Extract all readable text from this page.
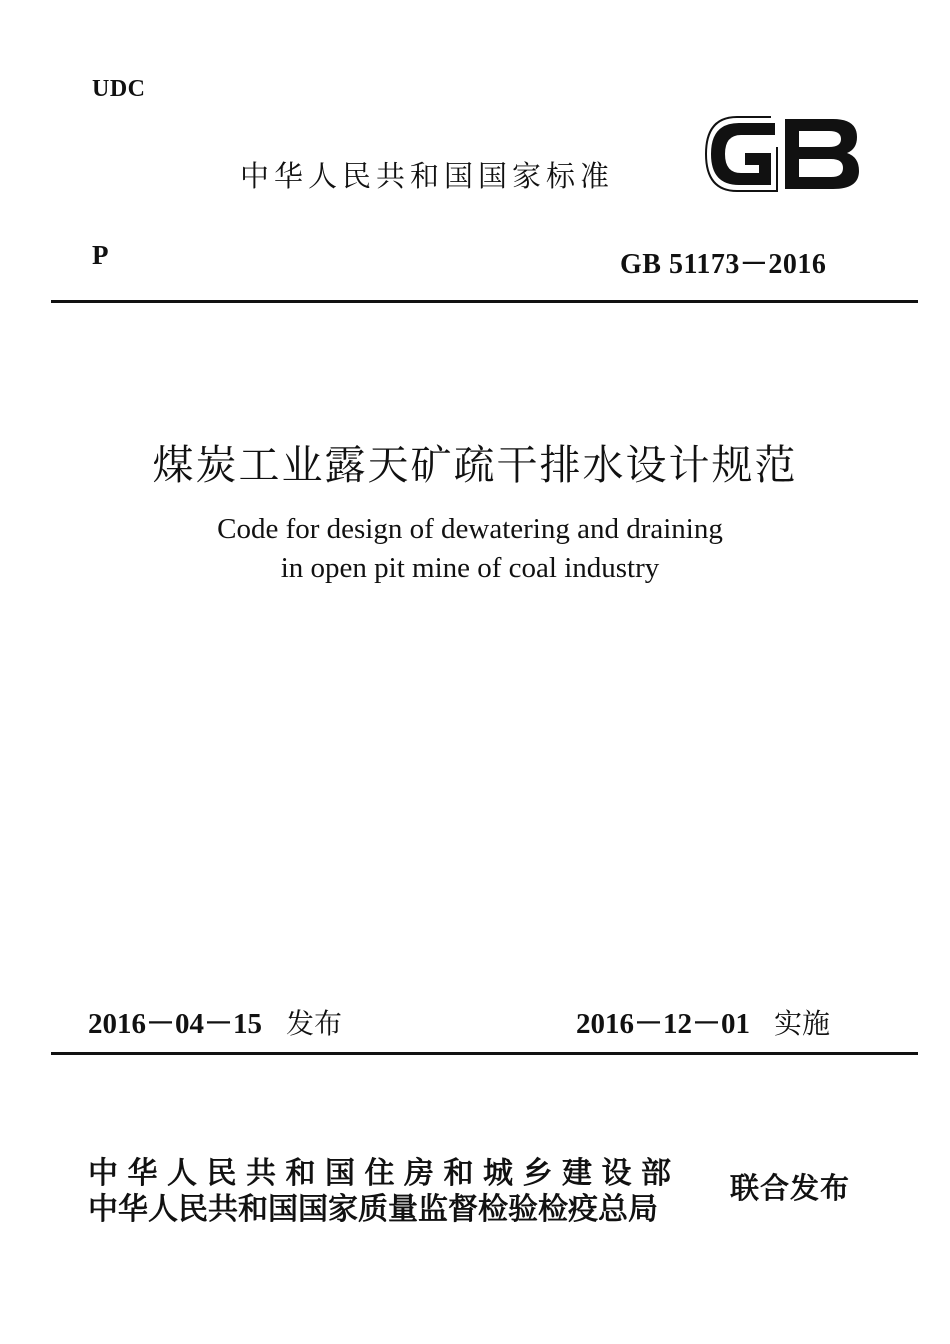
UDC
中华人民共和国国家标准
P	GB 51173－2016
煤炭工业露天矿疏干排水设计规范
Code for design of dewatering and draining
in open pit mine of coal industry
2016－04－15 发布	2016－12－01 实施
中华人民共和国住房和城乡建设部
中华人民共和国国家质量监督检验检疫总局
联合发布
